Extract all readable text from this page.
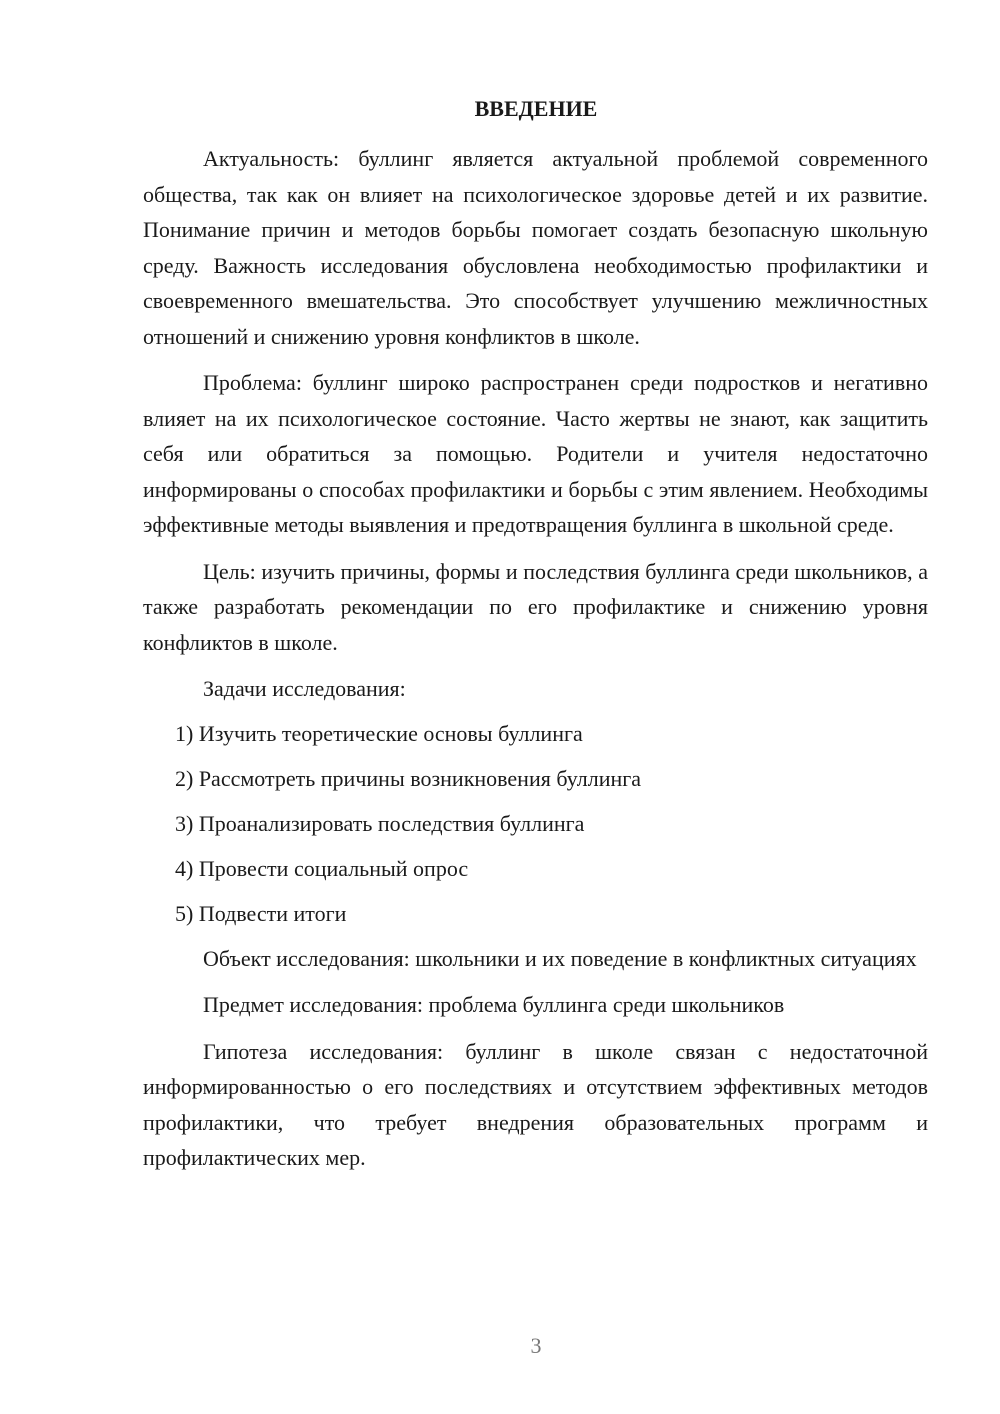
ВВЕДЕНИЕ

Актуальность: буллинг является актуальной проблемой современного общества, так как он влияет на психологическое здоровье детей и их развитие. Понимание причин и методов борьбы помогает создать безопасную школьную среду. Важность исследования обусловлена необходимостью профилактики и своевременного вмешательства. Это способствует улучшению межличностных отношений и снижению уровня конфликтов в школе.

Проблема: буллинг широко распространен среди подростков и негативно влияет на их психологическое состояние. Часто жертвы не знают, как защитить себя или обратиться за помощью. Родители и учителя недостаточно информированы о способах профилактики и борьбы с этим явлением. Необходимы эффективные методы выявления и предотвращения буллинга в школьной среде.

Цель: изучить причины, формы и последствия буллинга среди школьников, а также разработать рекомендации по его профилактике и снижению уровня конфликтов в школе.

Задачи исследования:

1) Изучить теоретические основы буллинга
2) Рассмотреть причины возникновения буллинга
3) Проанализировать последствия буллинга
4) Провести социальный опрос
5) Подвести итоги

Объект исследования: школьники и их поведение в конфликтных ситуациях

Предмет исследования: проблема буллинга среди школьников

Гипотеза исследования: буллинг в школе связан с недостаточной информированностью о его последствиях и отсутствием эффективных методов профилактики, что требует внедрения образовательных программ и профилактических мер.

3
